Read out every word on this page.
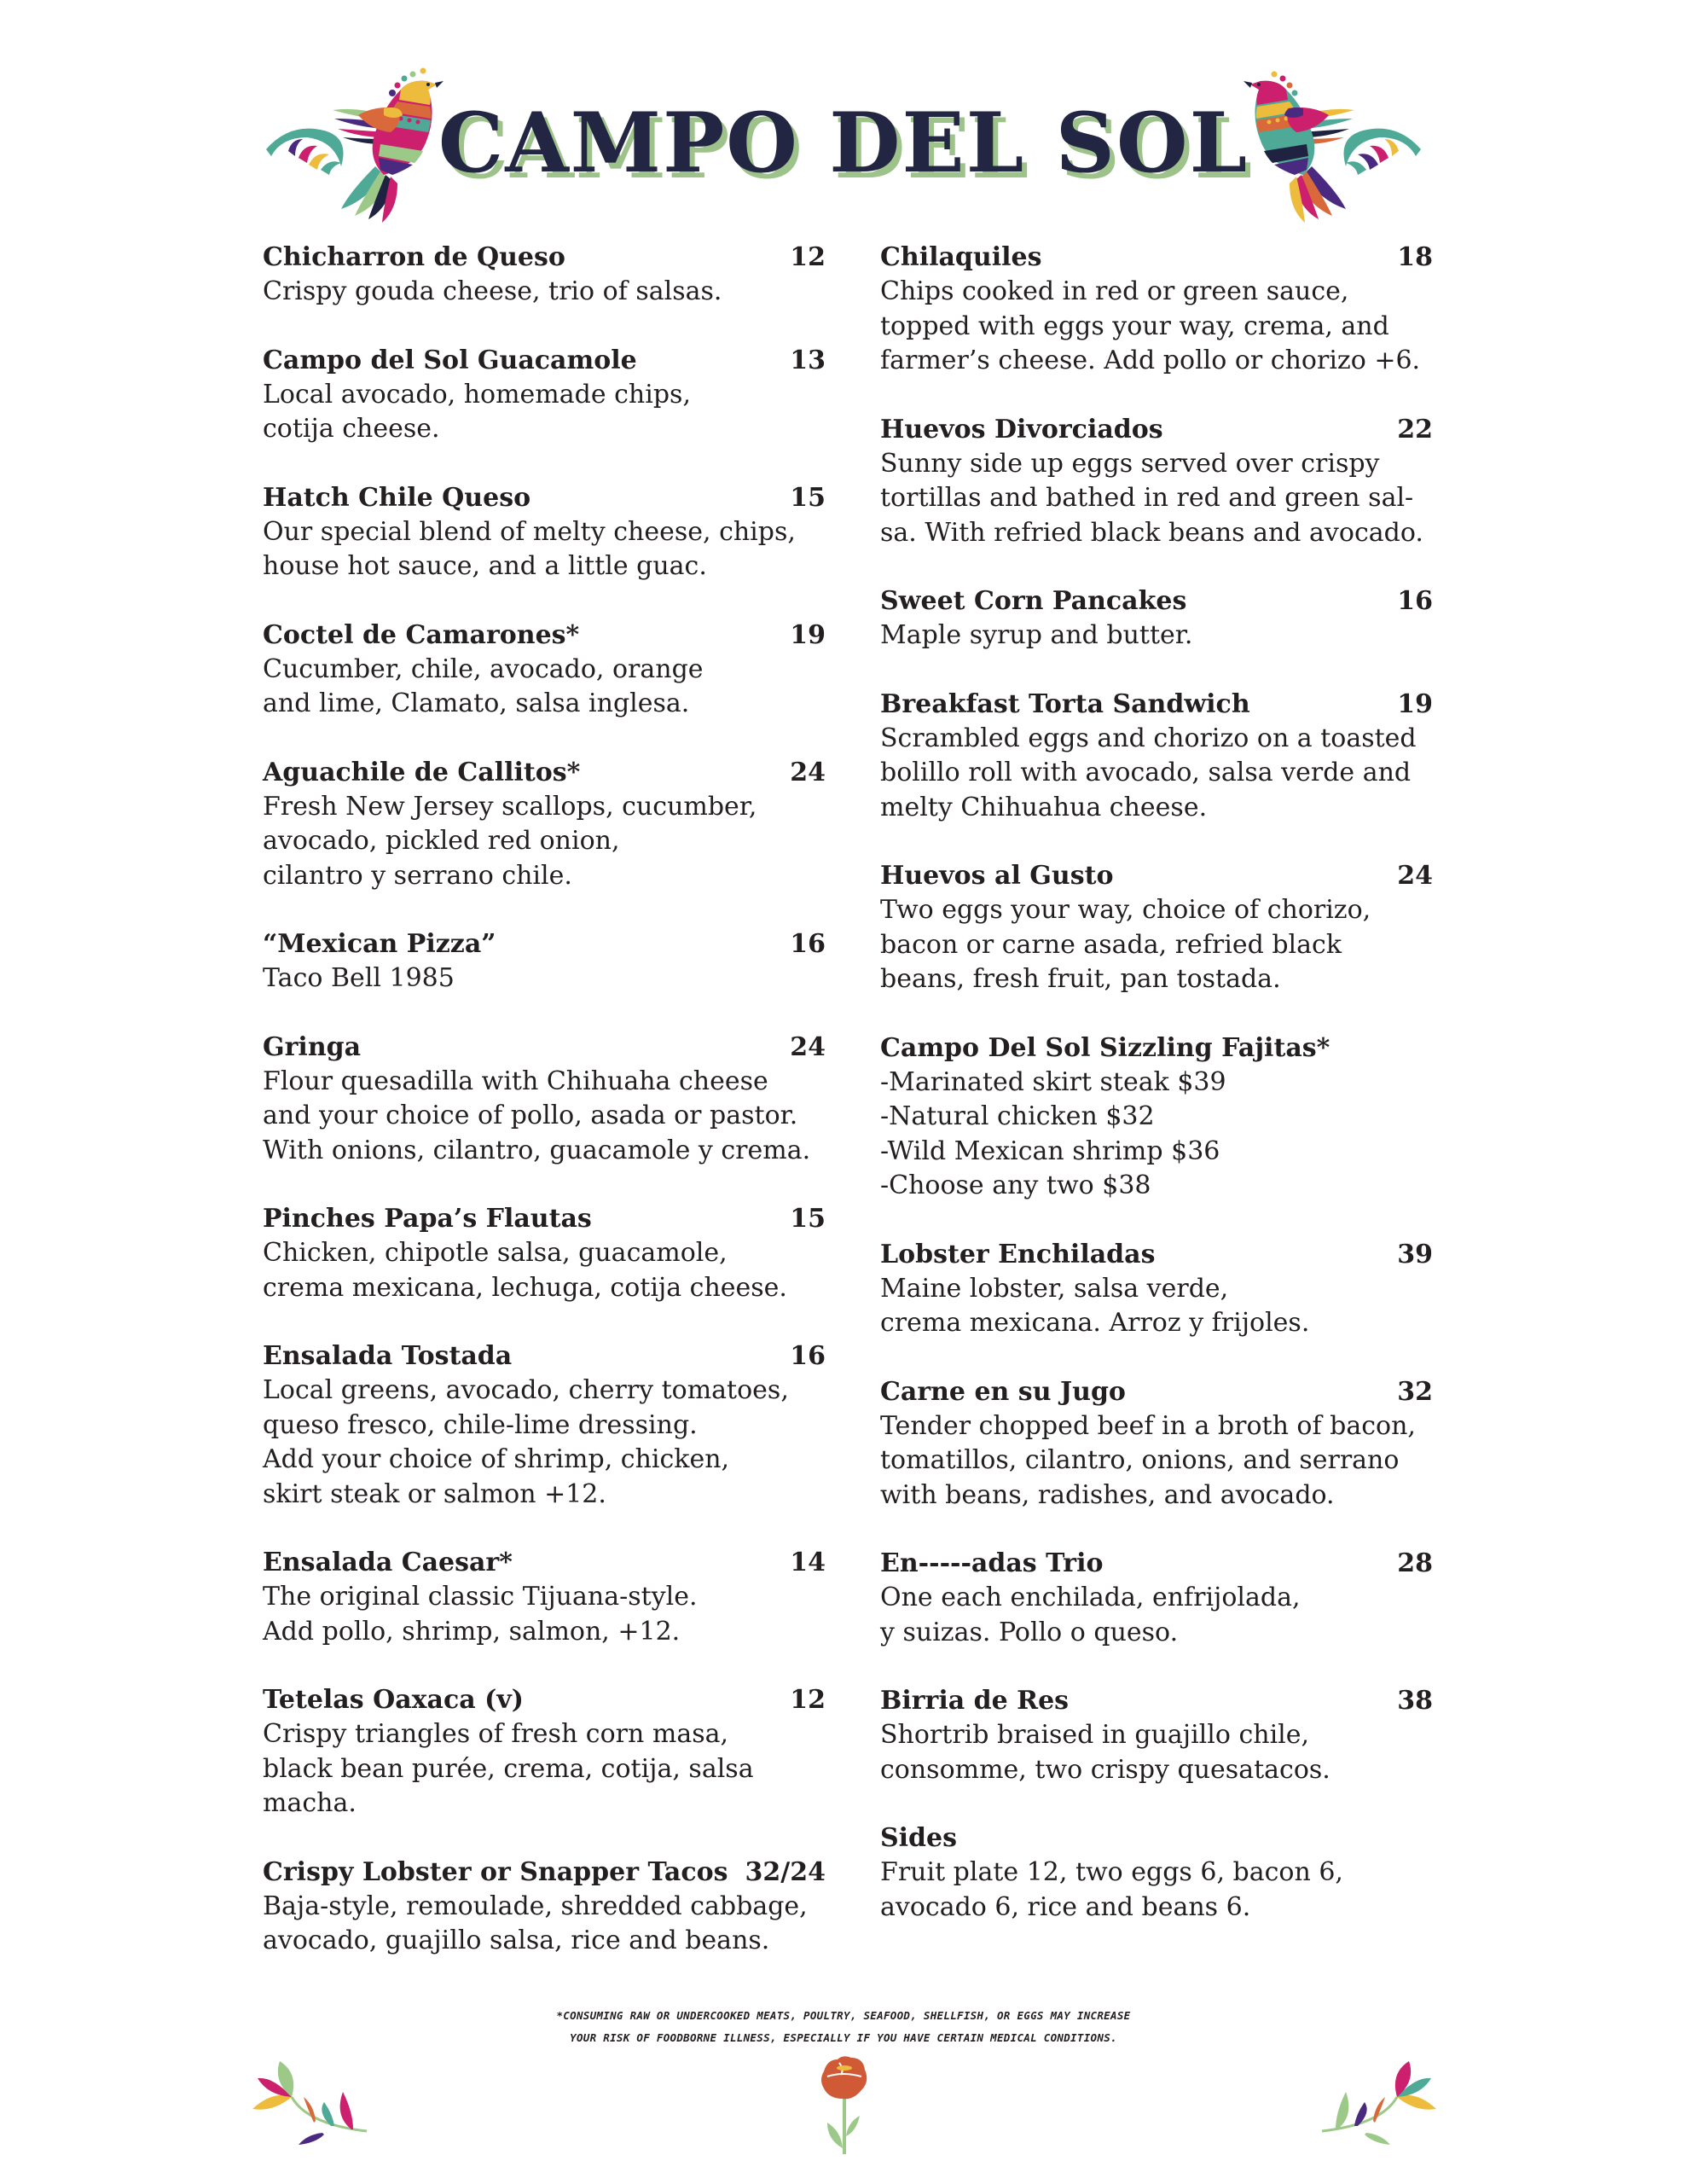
CAMPO DEL SOL
Chicharron de Queso	12
Crispy gouda cheese, trio of salsas.
Campo del Sol Guacamole	13
Local avocado, homemade chips,
cotija cheese.
Hatch Chile Queso	15
Our special blend of melty cheese, chips,
house hot sauce, and a little guac.
Coctel de Camarones*	19
Cucumber, chile, avocado, orange
and lime, Clamato, salsa inglesa.
Aguachile de Callitos*	24
Fresh New Jersey scallops, cucumber,
avocado, pickled red onion,
cilantro y serrano chile.
“Mexican Pizza”	16
Taco Bell 1985
Gringa	24
Flour quesadilla with Chihuaha cheese
and your choice of pollo, asada or pastor.
With onions, cilantro, guacamole y crema.
Pinches Papa’s Flautas	15
Chicken, chipotle salsa, guacamole,
crema mexicana, lechuga, cotija cheese.
Ensalada Tostada	16
Local greens, avocado, cherry tomatoes,
queso fresco, chile-lime dressing.
Add your choice of shrimp, chicken,
skirt steak or salmon +12.
Ensalada Caesar*	14
The original classic Tijuana-style.
Add pollo, shrimp, salmon, +12.
Tetelas Oaxaca (v)	12
Crispy triangles of fresh corn masa,
black bean purée, crema, cotija, salsa
macha.
Crispy Lobster or Snapper Tacos 32/24
Baja-style, remoulade, shredded cabbage,
avocado, guajillo salsa, rice and beans.
Chilaquiles	18
Chips cooked in red or green sauce,
topped with eggs your way, crema, and
farmer’s cheese. Add pollo or chorizo +6.
Huevos Divorciados	22
Sunny side up eggs served over crispy
tortillas and bathed in red and green sal-
sa. With refried black beans and avocado.
Sweet Corn Pancakes	16
Maple syrup and butter.
Breakfast Torta Sandwich	19
Scrambled eggs and chorizo on a toasted
bolillo roll with avocado, salsa verde and
melty Chihuahua cheese.
Huevos al Gusto	24
Two eggs your way, choice of chorizo,
bacon or carne asada, refried black
beans, fresh fruit, pan tostada.
Campo Del Sol Sizzling Fajitas*
-Marinated skirt steak $39
-Natural chicken $32
-Wild Mexican shrimp $36
-Choose any two $38
Lobster Enchiladas	39
Maine lobster, salsa verde,
crema mexicana. Arroz y frijoles.
Carne en su Jugo	32
Tender chopped beef in a broth of bacon,
tomatillos, cilantro, onions, and serrano
with beans, radishes, and avocado.
En-----adas Trio	28
One each enchilada, enfrijolada,
y suizas. Pollo o queso.
Birria de Res	38
Shortrib braised in guajillo chile,
consomme, two crispy quesatacos.
Sides
Fruit plate 12, two eggs 6, bacon 6,
avocado 6, rice and beans 6.
*CONSUMING RAW OR UNDERCOOKED MEATS, POULTRY, SEAFOOD, SHELLFISH, OR EGGS MAY INCREASE
YOUR RISK OF FOODBORNE ILLNESS, ESPECIALLY IF YOU HAVE CERTAIN MEDICAL CONDITIONS.
